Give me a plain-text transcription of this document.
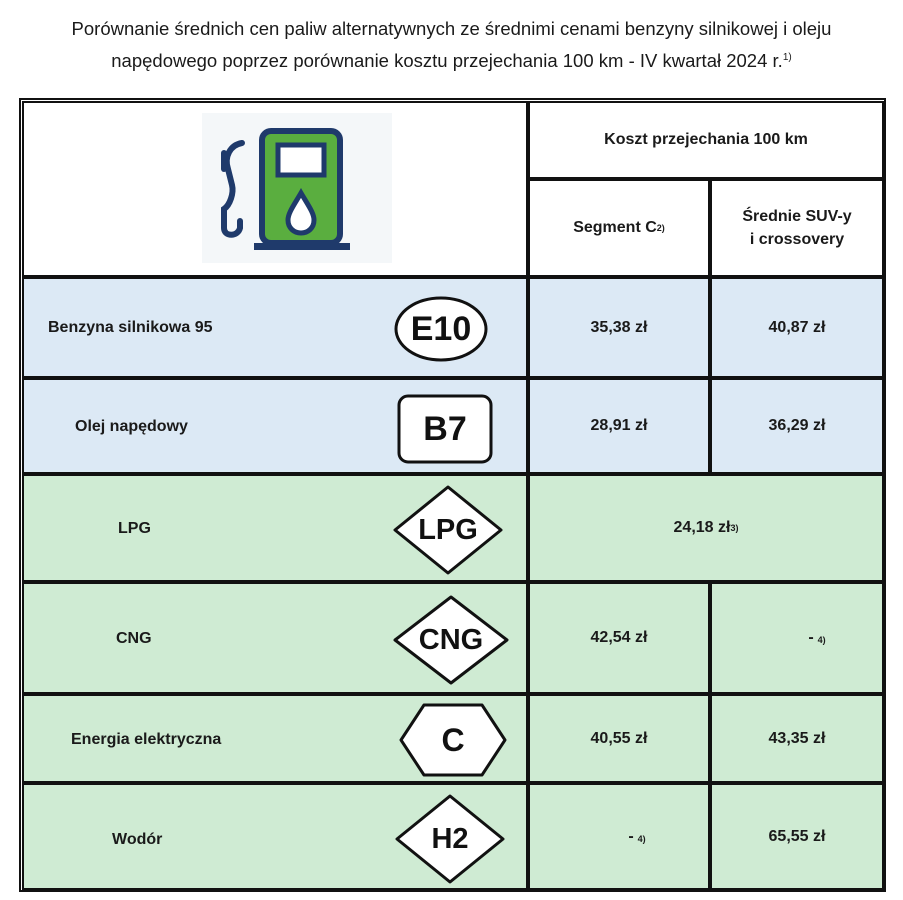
Porównanie średnich cen paliw alternatywnych ze średnimi cenami benzyny silnikowej i oleju
napędowego poprzez porównanie kosztu przejechania 100 km - IV kwartał 2024 r.$^{1)}$
Koszt przejechania 100 km
Segment C 2)
Średnie SUV-y
i crossovery
Benzyna silnikowa 95	E10	35,38 zł	40,87 zł
Olej napędowy	B7	28,91 zł	36,29 zł
LPG	LPG	24,18 zł 3)
CNG	CNG	42,54 zł	- 4)
Energia elektryczna	C	40,55 zł	43,35 zł
Wodór	H2	- 4)	65,55 zł
